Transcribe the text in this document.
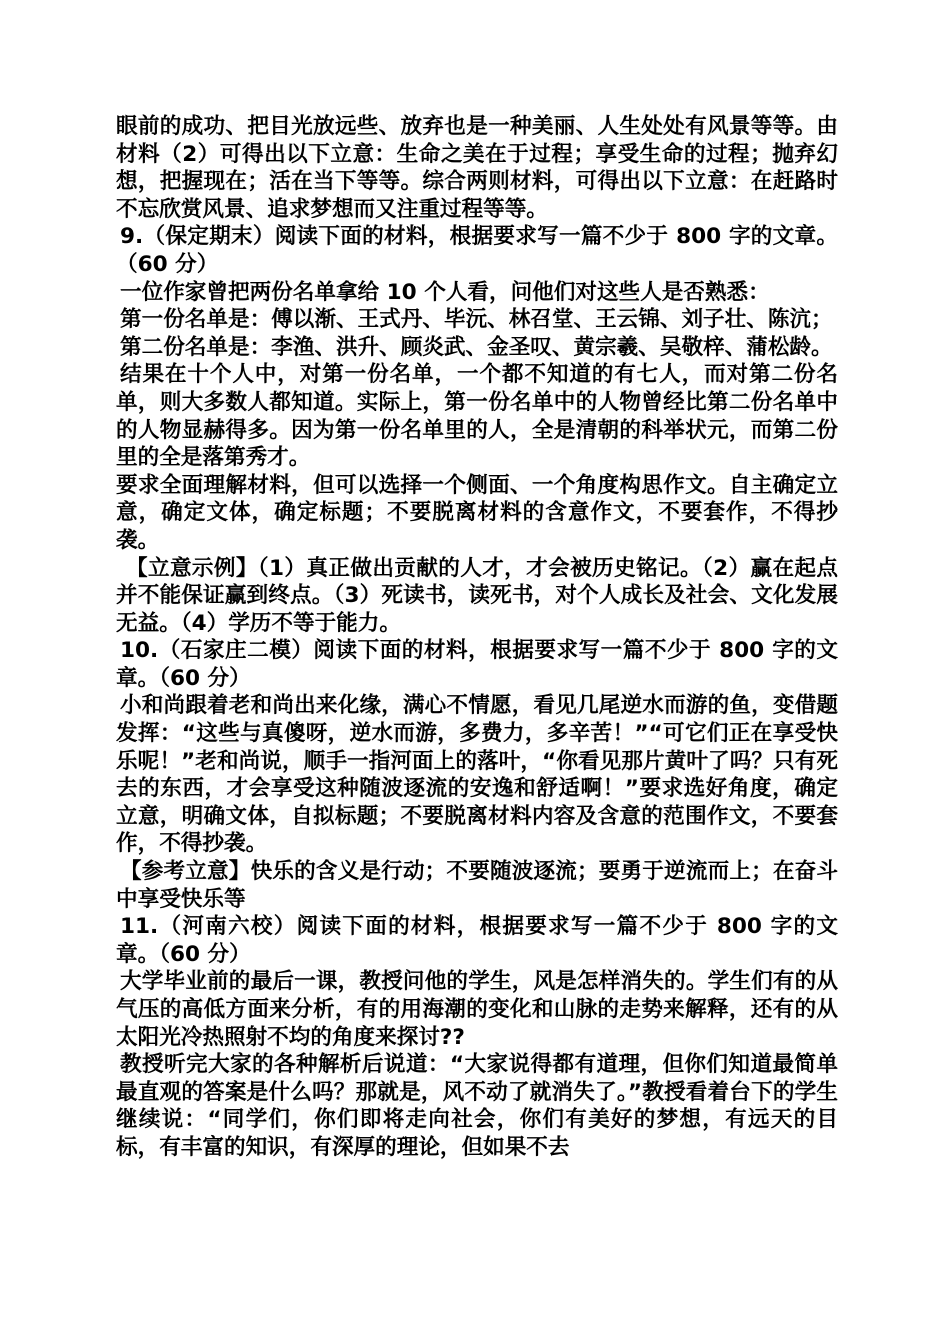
眼前的成功、把目光放远些、放弃也是一种美丽、人生处处有风景等等。由材料（2）可得出以下立意：生命之美在于过程；享受生命的过程；抛弃幻想，把握现在；活在当下等等。综合两则材料，可得出以下立意：在赶路时不忘欣赏风景、追求梦想而又注重过程等等。

9.（保定期末）阅读下面的材料，根据要求写一篇不少于 800 字的文章。（60 分）

一位作家曾把两份名单拿给 10 个人看，问他们对这些人是否熟悉：

第一份名单是：傅以渐、王式丹、毕沅、林召堂、王云锦、刘子壮、陈沆；

第二份名单是：李渔、洪升、顾炎武、金圣叹、黄宗羲、吴敬梓、蒲松龄。

结果在十个人中，对第一份名单，一个都不知道的有七人，而对第二份名单，则大多数人都知道。实际上，第一份名单中的人物曾经比第二份名单中的人物显赫得多。因为第一份名单里的人，全是清朝的科举状元，而第二份里的全是落第秀才。

要求全面理解材料，但可以选择一个侧面、一个角度构思作文。自主确定立意，确定文体，确定标题；不要脱离材料的含意作文，不要套作，不得抄袭。

【立意示例】（1）真正做出贡献的人才，才会被历史铭记。（2）赢在起点并不能保证赢到终点。（3）死读书，读死书，对个人成长及社会、文化发展无益。（4）学历不等于能力。

10.（石家庄二模）阅读下面的材料，根据要求写一篇不少于 800 字的文章。（60 分）

小和尚跟着老和尚出来化缘，满心不情愿，看见几尾逆水而游的鱼，变借题发挥：“这些与真傻呀，逆水而游，多费力，多辛苦！”“可它们正在享受快乐呢！”老和尚说，顺手一指河面上的落叶，“你看见那片黄叶了吗？只有死去的东西，才会享受这种随波逐流的安逸和舒适啊！”要求选好角度，确定立意，明确文体，自拟标题；不要脱离材料内容及含意的范围作文，不要套作，不得抄袭。

【参考立意】快乐的含义是行动；不要随波逐流；要勇于逆流而上；在奋斗中享受快乐等

11.（河南六校）阅读下面的材料，根据要求写一篇不少于 800 字的文章。（60 分）

大学毕业前的最后一课，教授问他的学生，风是怎样消失的。学生们有的从气压的高低方面来分析，有的用海潮的变化和山脉的走势来解释，还有的从太阳光冷热照射不均的角度来探讨??

教授听完大家的各种解析后说道：“大家说得都有道理，但你们知道最简单最直观的答案是什么吗？那就是，风不动了就消失了。”教授看着台下的学生继续说：“同学们，你们即将走向社会，你们有美好的梦想，有远天的目标，有丰富的知识，有深厚的理论，但如果不去
